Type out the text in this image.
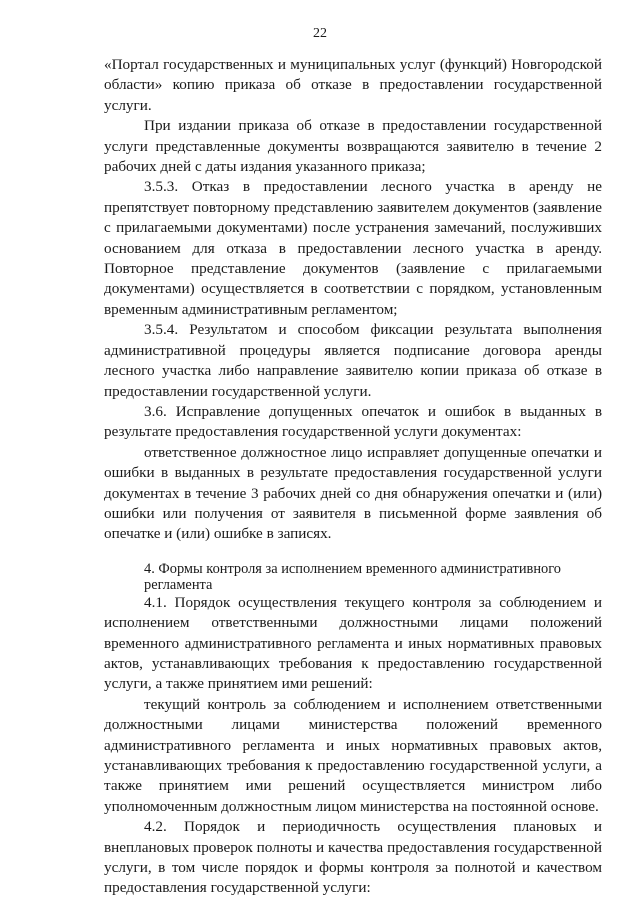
22

«Портал государственных и муниципальных услуг (функций) Новгородской области» копию приказа об отказе в предоставлении государственной услуги.

При издании приказа об отказе в предоставлении государственной услуги представленные документы возвращаются заявителю в течение 2 рабочих дней с даты издания указанного приказа;

3.5.3. Отказ в предоставлении лесного участка в аренду не препятствует повторному представлению заявителем документов (заявление с прилагаемыми документами) после устранения замечаний, послуживших основанием для отказа в предоставлении лесного участка в аренду. Повторное представление документов (заявление с прилагаемыми документами) осуществляется в соответствии с порядком, установленным временным административным регламентом;

3.5.4. Результатом и способом фиксации результата выполнения административной процедуры является подписание договора аренды лесного участка либо направление заявителю копии приказа об отказе в предоставлении государственной услуги.

3.6. Исправление допущенных опечаток и ошибок в выданных в результате предоставления государственной услуги документах:

ответственное должностное лицо исправляет допущенные опечатки и ошибки в выданных в результате предоставления государственной услуги документах в течение 3 рабочих дней со дня обнаружения опечатки и (или) ошибки или получения от заявителя в письменной форме заявления об опечатке и (или) ошибке в записях.

4. Формы контроля за исполнением временного административного регламента

4.1. Порядок осуществления текущего контроля за соблюдением и исполнением ответственными должностными лицами положений временного административного регламента и иных нормативных правовых актов, устанавливающих требования к предоставлению государственной услуги, а также принятием ими решений:

текущий контроль за соблюдением и исполнением ответственными должностными лицами министерства положений временного административного регламента и иных нормативных правовых актов, устанавливающих требования к предоставлению государственной услуги, а также принятием ими решений осуществляется министром либо уполномоченным должностным лицом министерства на постоянной основе.

4.2. Порядок и периодичность осуществления плановых и внеплановых проверок полноты и качества предоставления государственной услуги, в том числе порядок и формы контроля за полнотой и качеством предоставления государственной услуги:
